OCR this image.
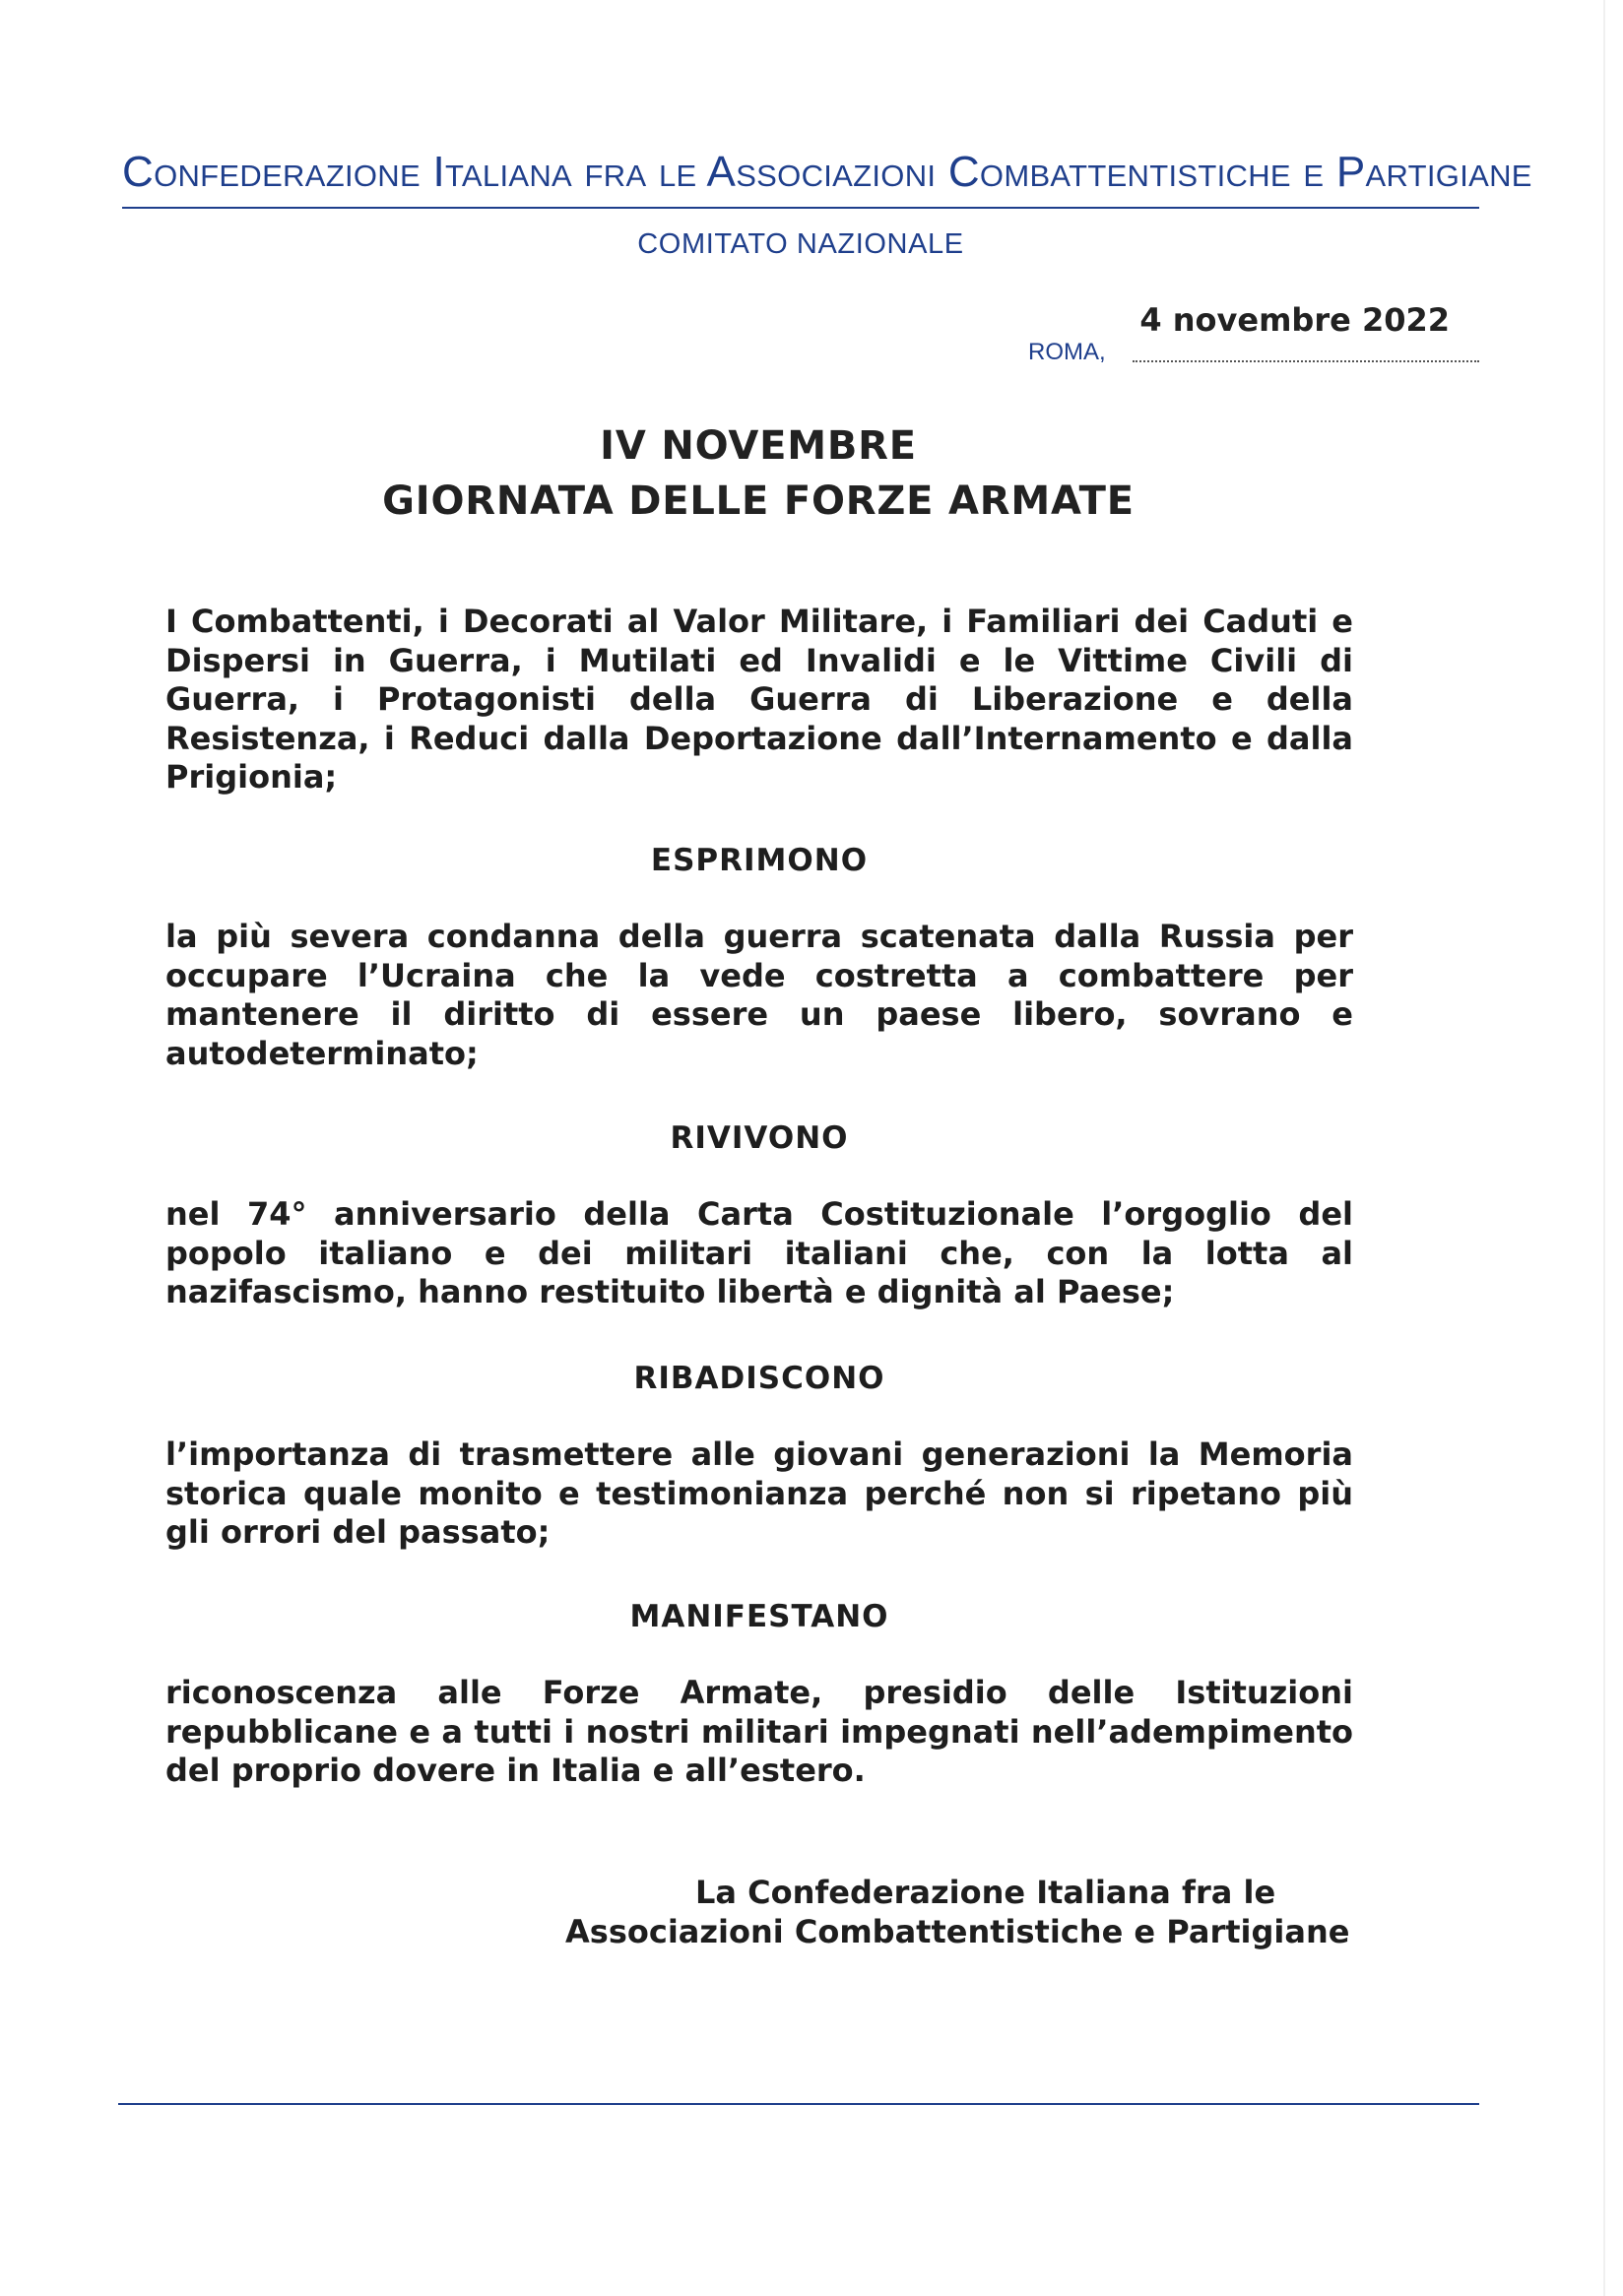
Confederazione Italiana fra le Associazioni Combattentistiche e Partigiane
COMITATO NAZIONALE
4 novembre 2022
ROMA,
IV NOVEMBRE
GIORNATA DELLE FORZE ARMATE
I Combattenti, i Decorati al Valor Militare, i Familiari dei Caduti e Dispersi in Guerra, i Mutilati ed Invalidi e le Vittime Civili di Guerra, i Protagonisti della Guerra di Liberazione e della Resistenza, i Reduci dalla Deportazione dall’Internamento e dalla Prigionia;
ESPRIMONO
la più severa condanna della guerra scatenata dalla Russia per occupare l’Ucraina che la vede costretta a combattere per mantenere il diritto di essere un paese libero, sovrano e autodeterminato;
RIVIVONO
nel 74° anniversario della Carta Costituzionale l’orgoglio del popolo italiano e dei militari italiani che, con la lotta al nazifascismo, hanno restituito libertà e dignità al Paese;
RIBADISCONO
l’importanza di trasmettere alle giovani generazioni la Memoria storica quale monito e testimonianza perché non si ripetano più gli orrori del passato;
MANIFESTANO
riconoscenza alle Forze Armate, presidio delle Istituzioni repubblicane e a tutti i nostri militari impegnati nell’adempimento del proprio dovere in Italia e all’estero.
La Confederazione Italiana fra le
Associazioni Combattentistiche e Partigiane
